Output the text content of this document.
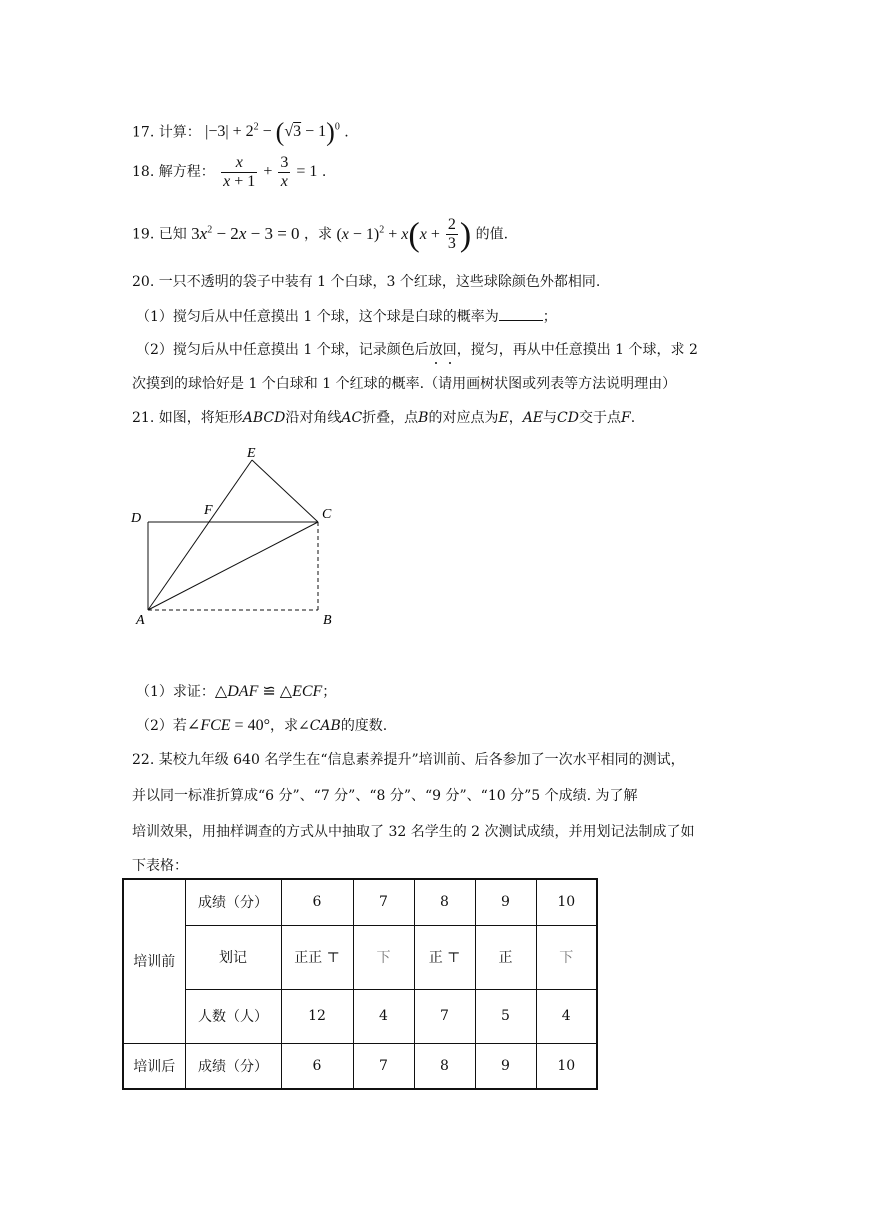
17. 计算： $|-3| + 2^2 - (√3 - 1)^0$ .
18. 解方程： $\frac{x}{x + 1} + \frac{3}{x} = 1$ .
19. 已知 $3x^2 - 2x - 3 = 0$ ，求 $(x - 1)^2 + x(x + \frac{2}{3}$ ) 的值.
20. 一只不透明的袋子中装有 1 个白球，3 个红球，这些球除颜色外都相同.
（1）搅匀后从中任意摸出 1 个球，这个球是白球的概率为	；
（2）搅匀后从中任意摸出 1 个球，记录颜色后放回，搅匀，再从中任意摸出 1 个球，求 2
次摸到的球恰好是 1 个白球和 1 个红球的概率.（请用画树状图或列表等方法说明理由）
21. 如图，将矩形ABCD沿对角线AC折叠，点B的对应点为E，AE与CD交于点F.
E
D
F	C
A	B
（1）求证：△DAF ≌ △ECF；
（2）若∠FCE = 40°，求∠CAB的度数.
22. 某校九年级 640 名学生在“信息素养提升”培训前、后各参加了一次水平相同的测试，
并以同一标准折算成“6 分”、“7 分”、“8 分”、“9 分”、“10 分”5 个成绩. 为了解
培训效果，用抽样调查的方式从中抽取了 32 名学生的 2 次测试成绩，并用划记法制成了如
下表格：
培训前	成绩（分）	6	7	8	9	10
	划记	正正 ⊤	下	正 ⊤	正	下
	人数（人）	12	4	7	5	4
培训后	成绩（分）	6	7	8	9	10
